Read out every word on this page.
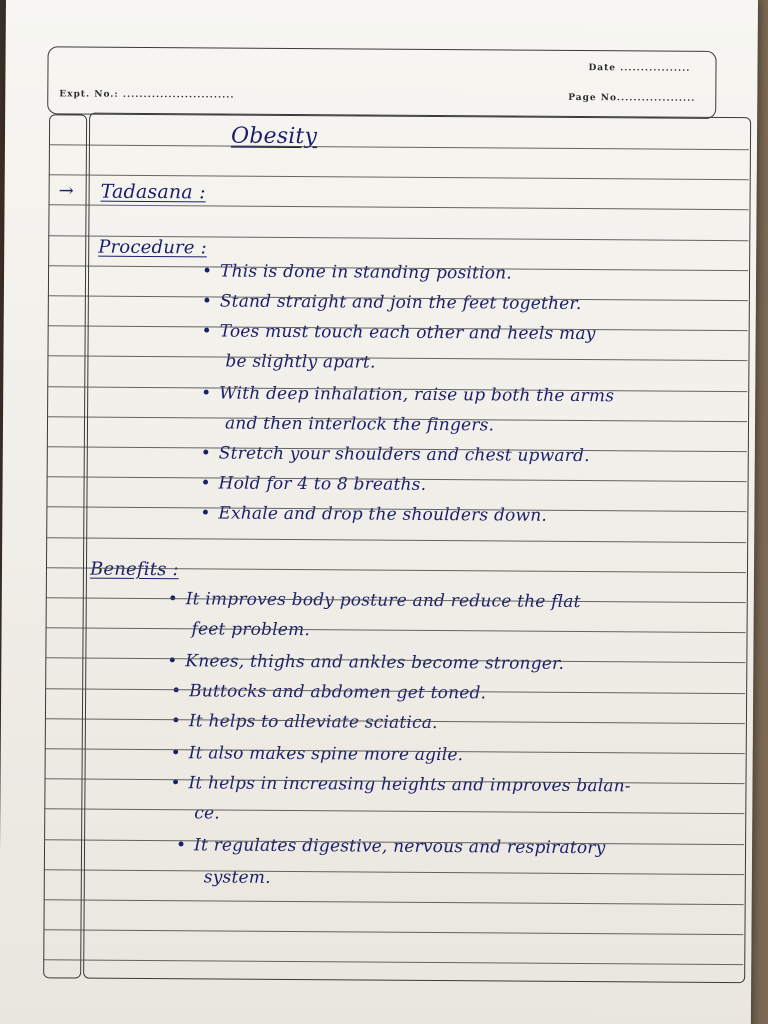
Date .................
Expt. No.: ...........................	Page No...................

Obesity
→ Tadasana :
Procedure :
• This is done in standing position.
• Stand straight and join the feet together.
• Toes must touch each other and heels may
be slightly apart.
• With deep inhalation, raise up both the arms
and then interlock the fingers.
• Stretch your shoulders and chest upward.
• Hold for 4 to 8 breaths.
• Exhale and drop the shoulders down.
Benefits :
• It improves body posture and reduce the flat
feet problem.
• Knees, thighs and ankles become stronger.
• Buttocks and abdomen get toned.
• It helps to alleviate sciatica.
• It also makes spine more agile.
• It helps in increasing heights and improves balan-
ce.
• It regulates digestive, nervous and respiratory
system.
